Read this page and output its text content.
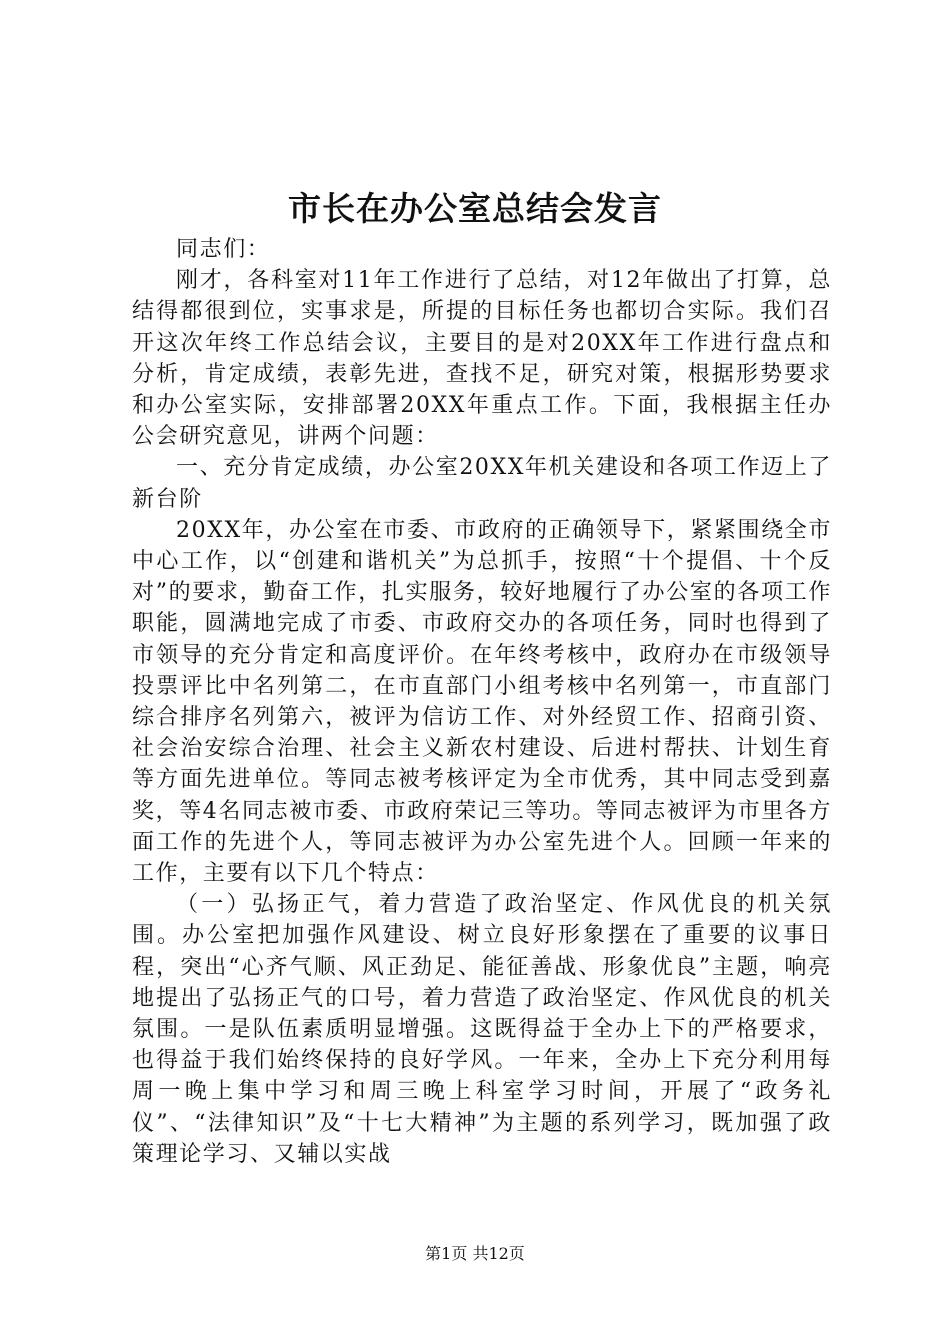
市长在办公室总结会发言

同志们：

刚才，各科室对11年工作进行了总结，对12年做出了打算，总结得都很到位，实事求是，所提的目标任务也都切合实际。我们召开这次年终工作总结会议，主要目的是对20XX年工作进行盘点和分析，肯定成绩，表彰先进，查找不足，研究对策，根据形势要求和办公室实际，安排部署20XX年重点工作。下面，我根据主任办公会研究意见，讲两个问题：

一、充分肯定成绩，办公室20XX年机关建设和各项工作迈上了新台阶

20XX年，办公室在市委、市政府的正确领导下，紧紧围绕全市中心工作，以“创建和谐机关”为总抓手，按照“十个提倡、十个反对”的要求，勤奋工作，扎实服务，较好地履行了办公室的各项工作职能，圆满地完成了市委、市政府交办的各项任务，同时也得到了市领导的充分肯定和高度评价。在年终考核中，政府办在市级领导投票评比中名列第二，在市直部门小组考核中名列第一，市直部门综合排序名列第六，被评为信访工作、对外经贸工作、招商引资、社会治安综合治理、社会主义新农村建设、后进村帮扶、计划生育等方面先进单位。等同志被考核评定为全市优秀，其中同志受到嘉奖，等4名同志被市委、市政府荣记三等功。等同志被评为市里各方面工作的先进个人，等同志被评为办公室先进个人。回顾一年来的工作，主要有以下几个特点：

（一）弘扬正气，着力营造了政治坚定、作风优良的机关氛围。办公室把加强作风建设、树立良好形象摆在了重要的议事日程，突出“心齐气顺、风正劲足、能征善战、形象优良”主题，响亮地提出了弘扬正气的口号，着力营造了政治坚定、作风优良的机关氛围。一是队伍素质明显增强。这既得益于全办上下的严格要求，也得益于我们始终保持的良好学风。一年来，全办上下充分利用每周一晚上集中学习和周三晚上科室学习时间，开展了“政务礼仪”、“法律知识”及“十七大精神”为主题的系列学习，既加强了政策理论学习、又辅以实战

第1页 共12页
